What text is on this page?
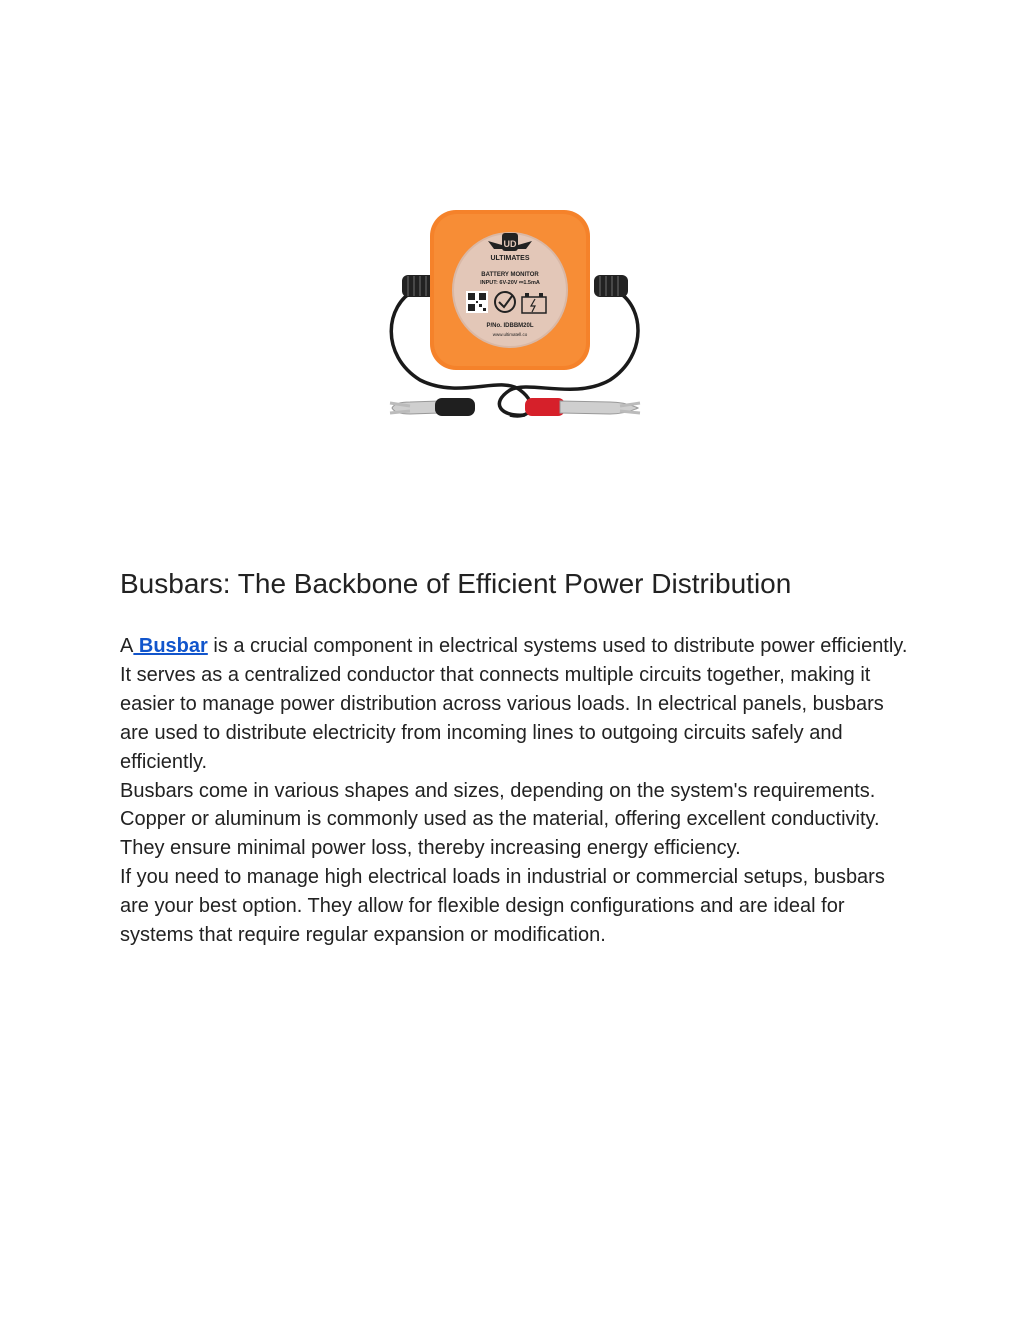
UD
ULTIMATES
BATTERY MONITOR
INPUT: 6V-20V ⎓1.5mA
P/No. IDBBM20L
www.ultimatell.co
Busbars: The Backbone of Efficient Power Distribution

A Busbar is a crucial component in electrical systems used to distribute power efficiently. It serves as a centralized conductor that connects multiple circuits together, making it easier to manage power distribution across various loads. In electrical panels, busbars are used to distribute electricity from incoming lines to outgoing circuits safely and efficiently.

Busbars come in various shapes and sizes, depending on the system's requirements. Copper or aluminum is commonly used as the material, offering excellent conductivity. They ensure minimal power loss, thereby increasing energy efficiency.

If you need to manage high electrical loads in industrial or commercial setups, busbars are your best option. They allow for flexible design configurations and are ideal for systems that require regular expansion or modification.
